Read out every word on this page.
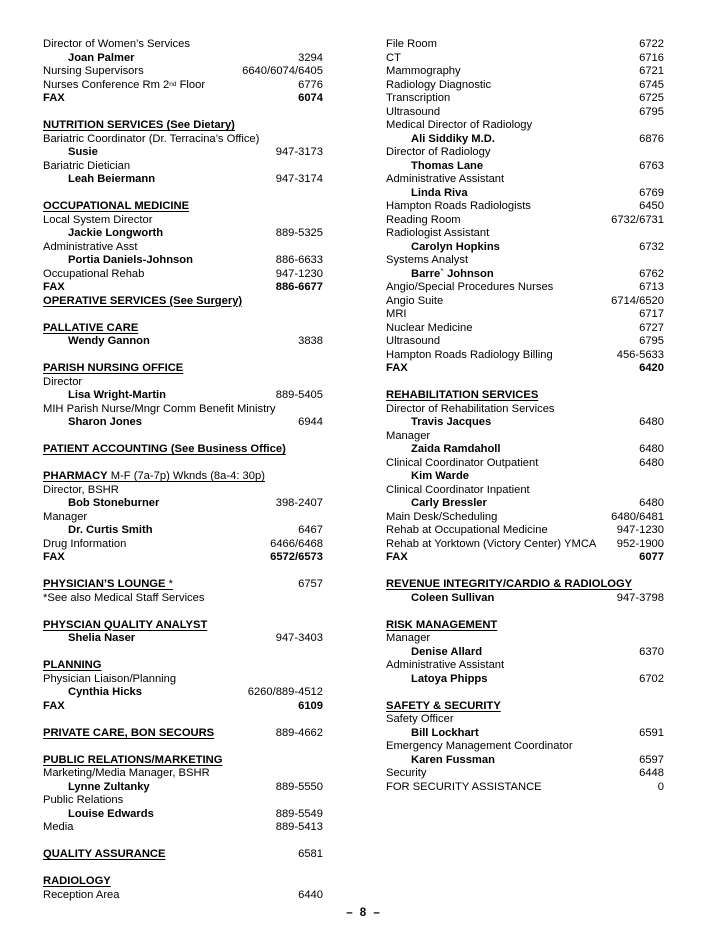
Director of Women’s Services
Joan Palmer	3294
Nursing Supervisors	6640/6074/6405
Nurses Conference Rm 2nd Floor	6776
FAX	6074
NUTRITION SERVICES (See Dietary)
Bariatric Coordinator (Dr. Terracina’s Office)
Susie	947-3173
Bariatric Dietician
Leah Beiermann	947-3174
OCCUPATIONAL MEDICINE
Local System Director
Jackie Longworth	889-5325
Administrative Asst
Portia Daniels-Johnson	886-6633
Occupational Rehab	947-1230
FAX	886-6677
OPERATIVE SERVICES (See Surgery)
PALLATIVE CARE
Wendy Gannon	3838
PARISH NURSING OFFICE
Director
Lisa Wright-Martin	889-5405
MIH Parish Nurse/Mngr Comm Benefit Ministry
Sharon Jones	6944
PATIENT ACCOUNTING (See Business Office)
PHARMACY M-F (7a-7p) Wknds (8a-4: 30p)
Director, BSHR
Bob Stoneburner	398-2407
Manager
Dr. Curtis Smith	6467
Drug Information	6466/6468
FAX	6572/6573
PHYSICIAN’S LOUNGE *	6757
*See also Medical Staff Services
PHYSCIAN QUALITY ANALYST
Shelia Naser	947-3403
PLANNING
Physician Liaison/Planning
Cynthia Hicks	6260/889-4512
FAX	6109
PRIVATE CARE, BON SECOURS	889-4662
PUBLIC RELATIONS/MARKETING
Marketing/Media Manager, BSHR
Lynne Zultanky	889-5550
Public Relations
Louise Edwards	889-5549
Media	889-5413
QUALITY ASSURANCE	6581
RADIOLOGY
Reception Area	6440
File Room	6722
CT	6716
Mammography	6721
Radiology Diagnostic	6745
Transcription	6725
Ultrasound	6795
Medical Director of Radiology
Ali Siddiky M.D.	6876
Director of Radiology
Thomas Lane	6763
Administrative Assistant
Linda Riva	6769
Hampton Roads Radiologists	6450
Reading Room	6732/6731
Radiologist Assistant
Carolyn Hopkins	6732
Systems Analyst
Barre` Johnson	6762
Angio/Special Procedures Nurses	6713
Angio Suite	6714/6520
MRI	6717
Nuclear Medicine	6727
Ultrasound	6795
Hampton Roads Radiology Billing	456-5633
FAX	6420
REHABILITATION SERVICES
Director of Rehabilitation Services
Travis Jacques	6480
Manager
Zaida Ramdaholl	6480
Clinical Coordinator Outpatient	6480
Kim Warde
Clinical Coordinator Inpatient
Carly Bressler	6480
Main Desk/Scheduling	6480/6481
Rehab at Occupational Medicine	947-1230
Rehab at Yorktown (Victory Center) YMCA 952-1900
FAX	6077
REVENUE INTEGRITY/CARDIO & RADIOLOGY
Coleen Sullivan	947-3798
RISK MANAGEMENT
Manager
Denise Allard	6370
Administrative Assistant
Latoya Phipps	6702
SAFETY & SECURITY
Safety Officer
Bill Lockhart	6591
Emergency Management Coordinator
Karen Fussman	6597
Security	6448
FOR SECURITY ASSISTANCE	0
– 8 –
